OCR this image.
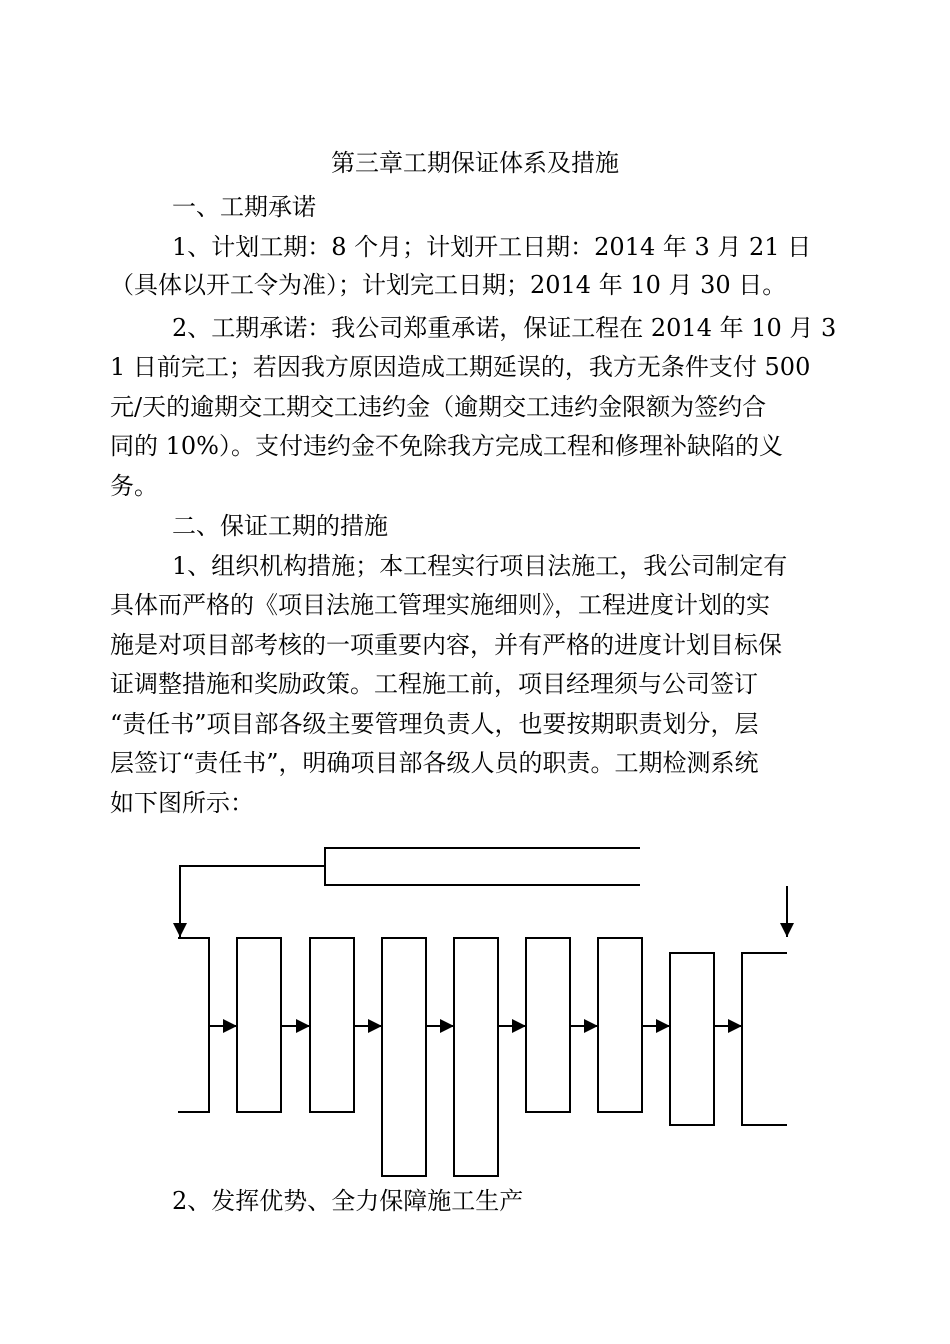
第三章工期保证体系及措施
一、工期承诺
1、计划工期：8 个月；计划开工日期：2014 年 3 月 21 日
（具体以开工令为准）；计划完工日期；2014 年 10 月 30 日。
2、工期承诺：我公司郑重承诺，保证工程在 2014 年 10 月 3
1 日前完工；若因我方原因造成工期延误的，我方无条件支付 500
元/天的逾期交工期交工违约金（逾期交工违约金限额为签约合
同的 10%）。支付违约金不免除我方完成工程和修理补缺陷的义
务。
二、保证工期的措施
1、组织机构措施；本工程实行项目法施工，我公司制定有
具体而严格的《项目法施工管理实施细则》，工程进度计划的实
施是对项目部考核的一项重要内容，并有严格的进度计划目标保
证调整措施和奖励政策。工程施工前，项目经理须与公司签订
“责任书”项目部各级主要管理负责人，也要按期职责划分，层
层签订“责任书”，明确项目部各级人员的职责。工期检测系统
如下图所示：
2、发挥优势、全力保障施工生产
